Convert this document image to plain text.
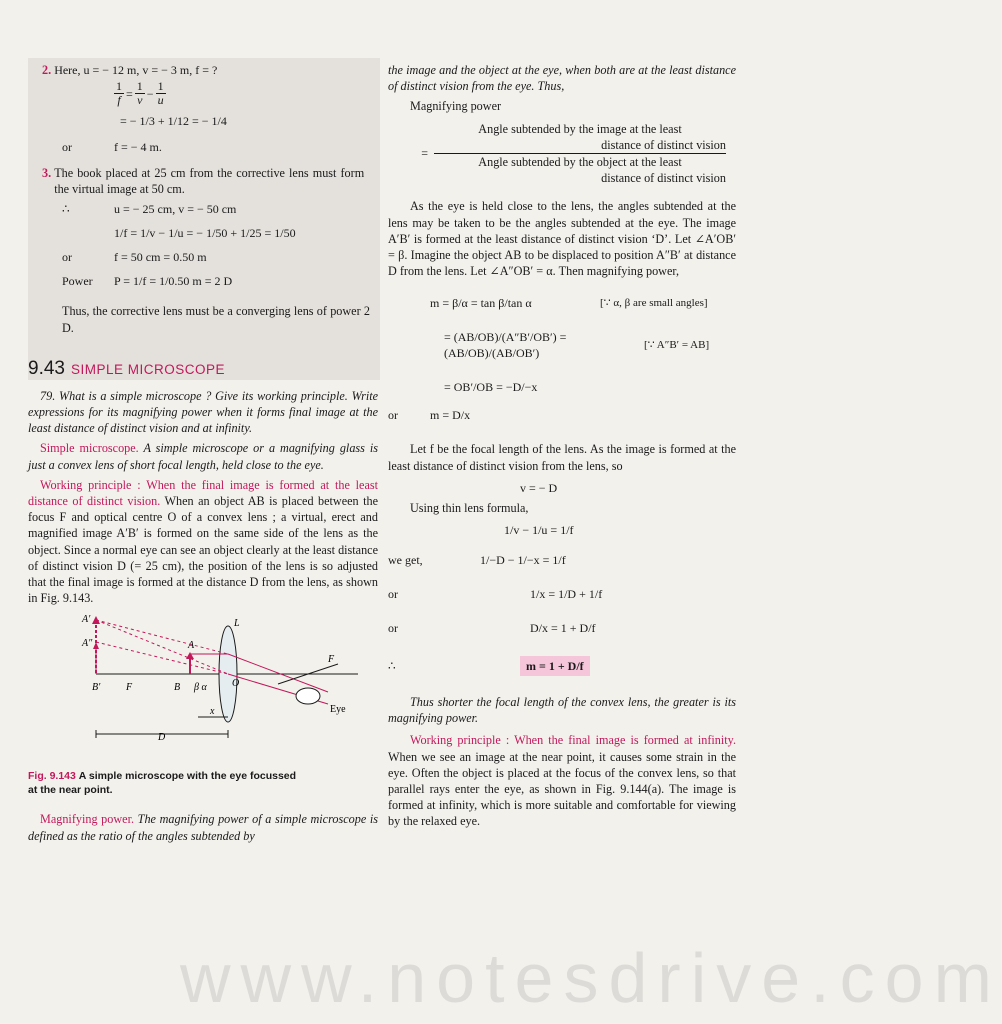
2.
Here, u = − 12 m, v = − 3 m, f = ?
$\frac{1}{f} = \frac{1}{v} - \frac{1}{u}$
= − 1/3 + 1/12 = − 1/4
or	f = − 4 m.
3.
The book placed at 25 cm from the corrective lens must form the virtual image at 50 cm.
∴	u = − 25 cm, v = − 50 cm
1/f = 1/v − 1/u = − 1/50 + 1/25 = 1/50
or	f = 50 cm = 0.50 m
Power	P = 1/f = 1/0.50 m = 2 D

Thus, the corrective lens must be a converging lens of power 2 D.

9.43 SIMPLE MICROSCOPE

79. What is a simple microscope ? Give its working principle. Write expressions for its magnifying power when it forms final image at the least distance of distinct vision and at infinity.

Simple microscope. A simple microscope or a magnifying glass is just a convex lens of short focal length, held close to the eye.

Working principle : When the final image is formed at the least distance of distinct vision. When an object AB is placed between the focus F and optical centre O of a convex lens ; a virtual, erect and magnified image A′B′ is formed on the same side of the lens as the object. Since a normal eye can see an object clearly at the least distance of distinct vision D (= 25 cm), the position of the lens is so adjusted that the final image is formed at the distance D from the lens, as shown in Fig. 9.143.

A′
A″	A
B′	F	B β α	O
L
F
Eye
x
D

Fig. 9.143 A simple microscope with the eye focussed at the near point.

Magnifying power. The magnifying power of a simple microscope is defined as the ratio of the angles subtended by

the image and the object at the eye, when both are at the least distance of distinct vision from the eye. Thus,

Magnifying power

=
Angle subtended by the image at the least
distance of distinct vision
Angle subtended by the object at the least
distance of distinct vision

As the eye is held close to the lens, the angles subtended at the lens may be taken to be the angles subtended at the eye. The image A′B′ is formed at the least distance of distinct vision ‘D’. Let ∠A′OB′ = β. Imagine the object AB to be displaced to position A″B′ at distance D from the lens. Let ∠A″OB′ = α. Then magnifying power,

m = β/α = tan β/tan α	[∵ α, β are small angles]
= (AB/OB)/(A″B′/OB′) = (AB/OB)/(AB/OB′)
[∵ A″B′ = AB]
= OB′/OB = −D/−x
or	m = D/x

Let f be the focal length of the lens. As the image is formed at the least distance of distinct vision from the lens, so

v = − D

Using thin lens formula,

1/v − 1/u = 1/f
we get,	1/−D − 1/−x = 1/f
or	1/x = 1/D + 1/f
or	D/x = 1 + D/f
∴	m = 1 + D/f

Thus shorter the focal length of the convex lens, the greater is its magnifying power.

Working principle : When the final image is formed at infinity. When we see an image at the near point, it causes some strain in the eye. Often the object is placed at the focus of the convex lens, so that parallel rays enter the eye, as shown in Fig. 9.144(a). The image is formed at infinity, which is more suitable and comfortable for viewing by the relaxed eye.

www.notesdrive.com
